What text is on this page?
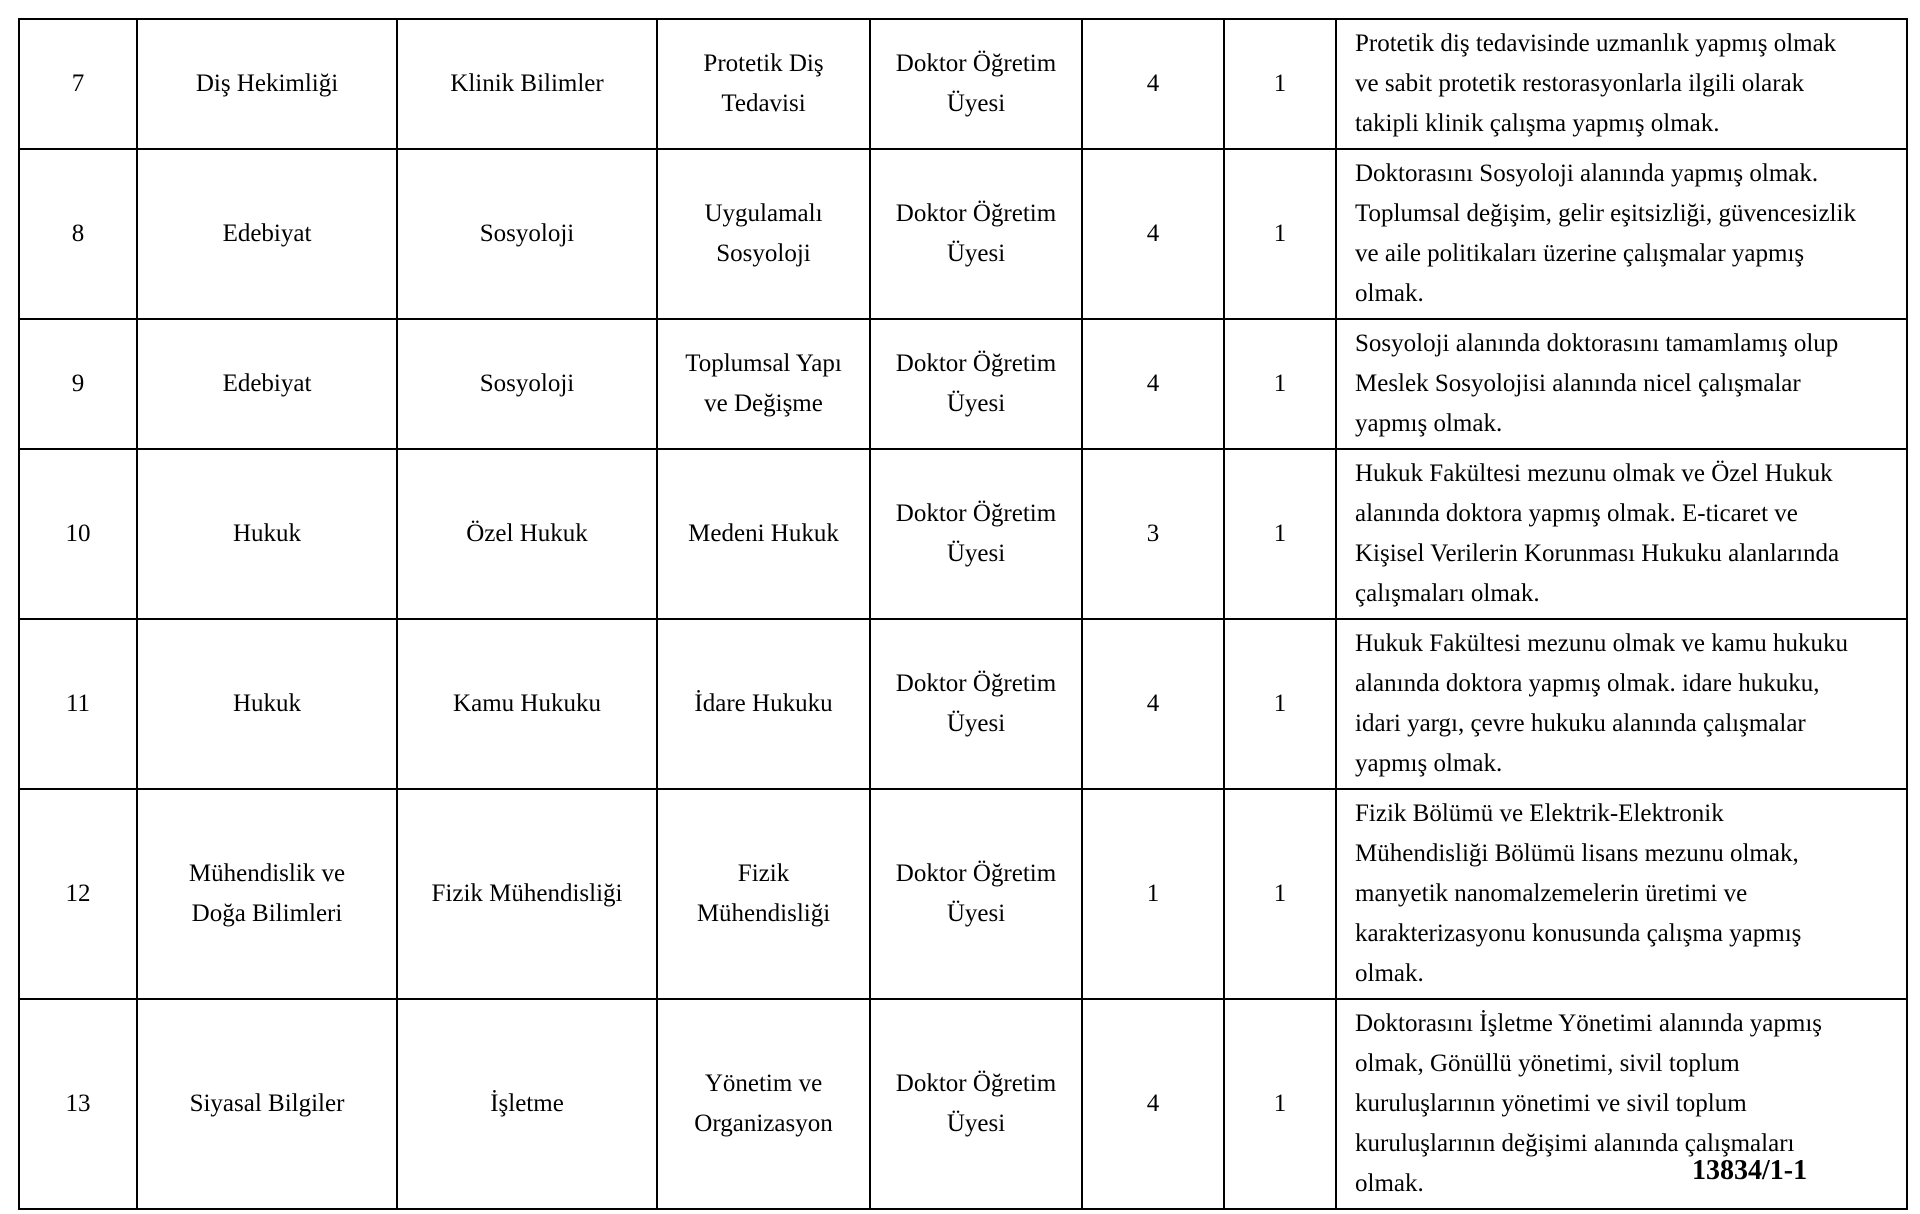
7	Diş Hekimliği	Klinik Bilimler	Protetik Diş
Tedavisi	Doktor Öğretim
Üyesi	4	1	Protetik diş tedavisinde uzmanlık yapmış olmak
ve sabit protetik restorasyonlarla ilgili olarak
takipli klinik çalışma yapmış olmak.
8	Edebiyat	Sosyoloji	Uygulamalı
Sosyoloji	Doktor Öğretim
Üyesi	4	1	Doktorasını Sosyoloji alanında yapmış olmak.
Toplumsal değişim, gelir eşitsizliği, güvencesizlik
ve aile politikaları üzerine çalışmalar yapmış
olmak.
9	Edebiyat	Sosyoloji	Toplumsal Yapı
ve Değişme	Doktor Öğretim
Üyesi	4	1	Sosyoloji alanında doktorasını tamamlamış olup
Meslek Sosyolojisi alanında nicel çalışmalar
yapmış olmak.
10	Hukuk	Özel Hukuk	Medeni Hukuk	Doktor Öğretim
Üyesi	3	1	Hukuk Fakültesi mezunu olmak ve Özel Hukuk
alanında doktora yapmış olmak. E-ticaret ve
Kişisel Verilerin Korunması Hukuku alanlarında
çalışmaları olmak.
11	Hukuk	Kamu Hukuku	İdare Hukuku	Doktor Öğretim
Üyesi	4	1	Hukuk Fakültesi mezunu olmak ve kamu hukuku
alanında doktora yapmış olmak. idare hukuku,
idari yargı, çevre hukuku alanında çalışmalar
yapmış olmak.
12	Mühendislik ve
Doğa Bilimleri	Fizik Mühendisliği	Fizik
Mühendisliği	Doktor Öğretim
Üyesi	1	1	Fizik Bölümü ve Elektrik-Elektronik
Mühendisliği Bölümü lisans mezunu olmak,
manyetik nanomalzemelerin üretimi ve
karakterizasyonu konusunda çalışma yapmış
olmak.
13	Siyasal Bilgiler	İşletme	Yönetim ve
Organizasyon	Doktor Öğretim
Üyesi	4	1	Doktorasını İşletme Yönetimi alanında yapmış
olmak, Gönüllü yönetimi, sivil toplum
kuruluşlarının yönetimi ve sivil toplum
kuruluşlarının değişimi alanında çalışmaları
olmak.	13834/1-1
